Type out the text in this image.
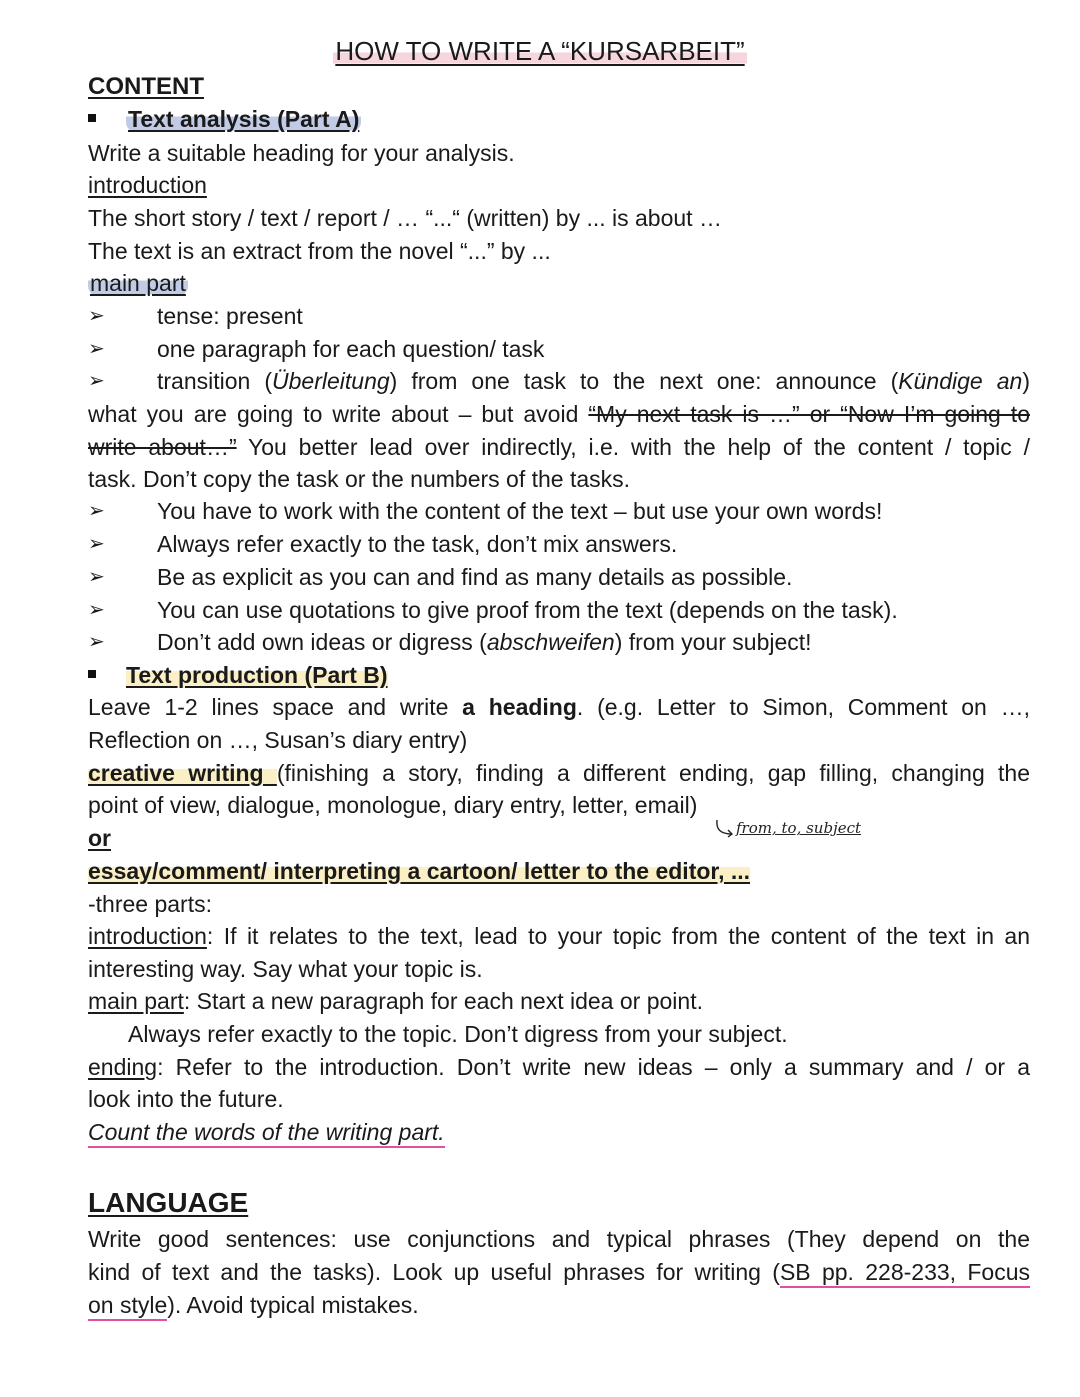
HOW TO WRITE A “KURSARBEIT”
CONTENT
Text analysis (Part A)
Write a suitable heading for your analysis.
introduction
The short story / text / report / … “...“ (written) by ... is about …
The text is an extract from the novel “...” by ...
main part
➢ tense: present
➢ one paragraph for each question/ task
➢ transition (Überleitung) from one task to the next one: announce (Kündige an)
what you are going to write about – but avoid “My next task is …” or “Now I’m going to
write about…” You better lead over indirectly, i.e. with the help of the content / topic /
task. Don’t copy the task or the numbers of the tasks.
➢ You have to work with the content of the text – but use your own words!
➢ Always refer exactly to the task, don’t mix answers.
➢ Be as explicit as you can and find as many details as possible.
➢ You can use quotations to give proof from the text (depends on the task).
➢ Don’t add own ideas or digress (abschweifen) from your subject!
Text production (Part B)
Leave 1-2 lines space and write a heading. (e.g. Letter to Simon, Comment on …,
Reflection on …, Susan’s diary entry)
creative writing (finishing a story, finding a different ending, gap filling, changing the
point of view, dialogue, monologue, diary entry, letter, email)
or	from, to, subject
essay/comment/ interpreting a cartoon/ letter to the editor, ...
-three parts:
introduction: If it relates to the text, lead to your topic from the content of the text in an
interesting way. Say what your topic is.
main part: Start a new paragraph for each next idea or point.
Always refer exactly to the topic. Don’t digress from your subject.
ending: Refer to the introduction. Don’t write new ideas – only a summary and / or a
look into the future.
Count the words of the writing part.
LANGUAGE
Write good sentences: use conjunctions and typical phrases (They depend on the
kind of text and the tasks). Look up useful phrases for writing (SB pp. 228-233, Focus
on style). Avoid typical mistakes.
